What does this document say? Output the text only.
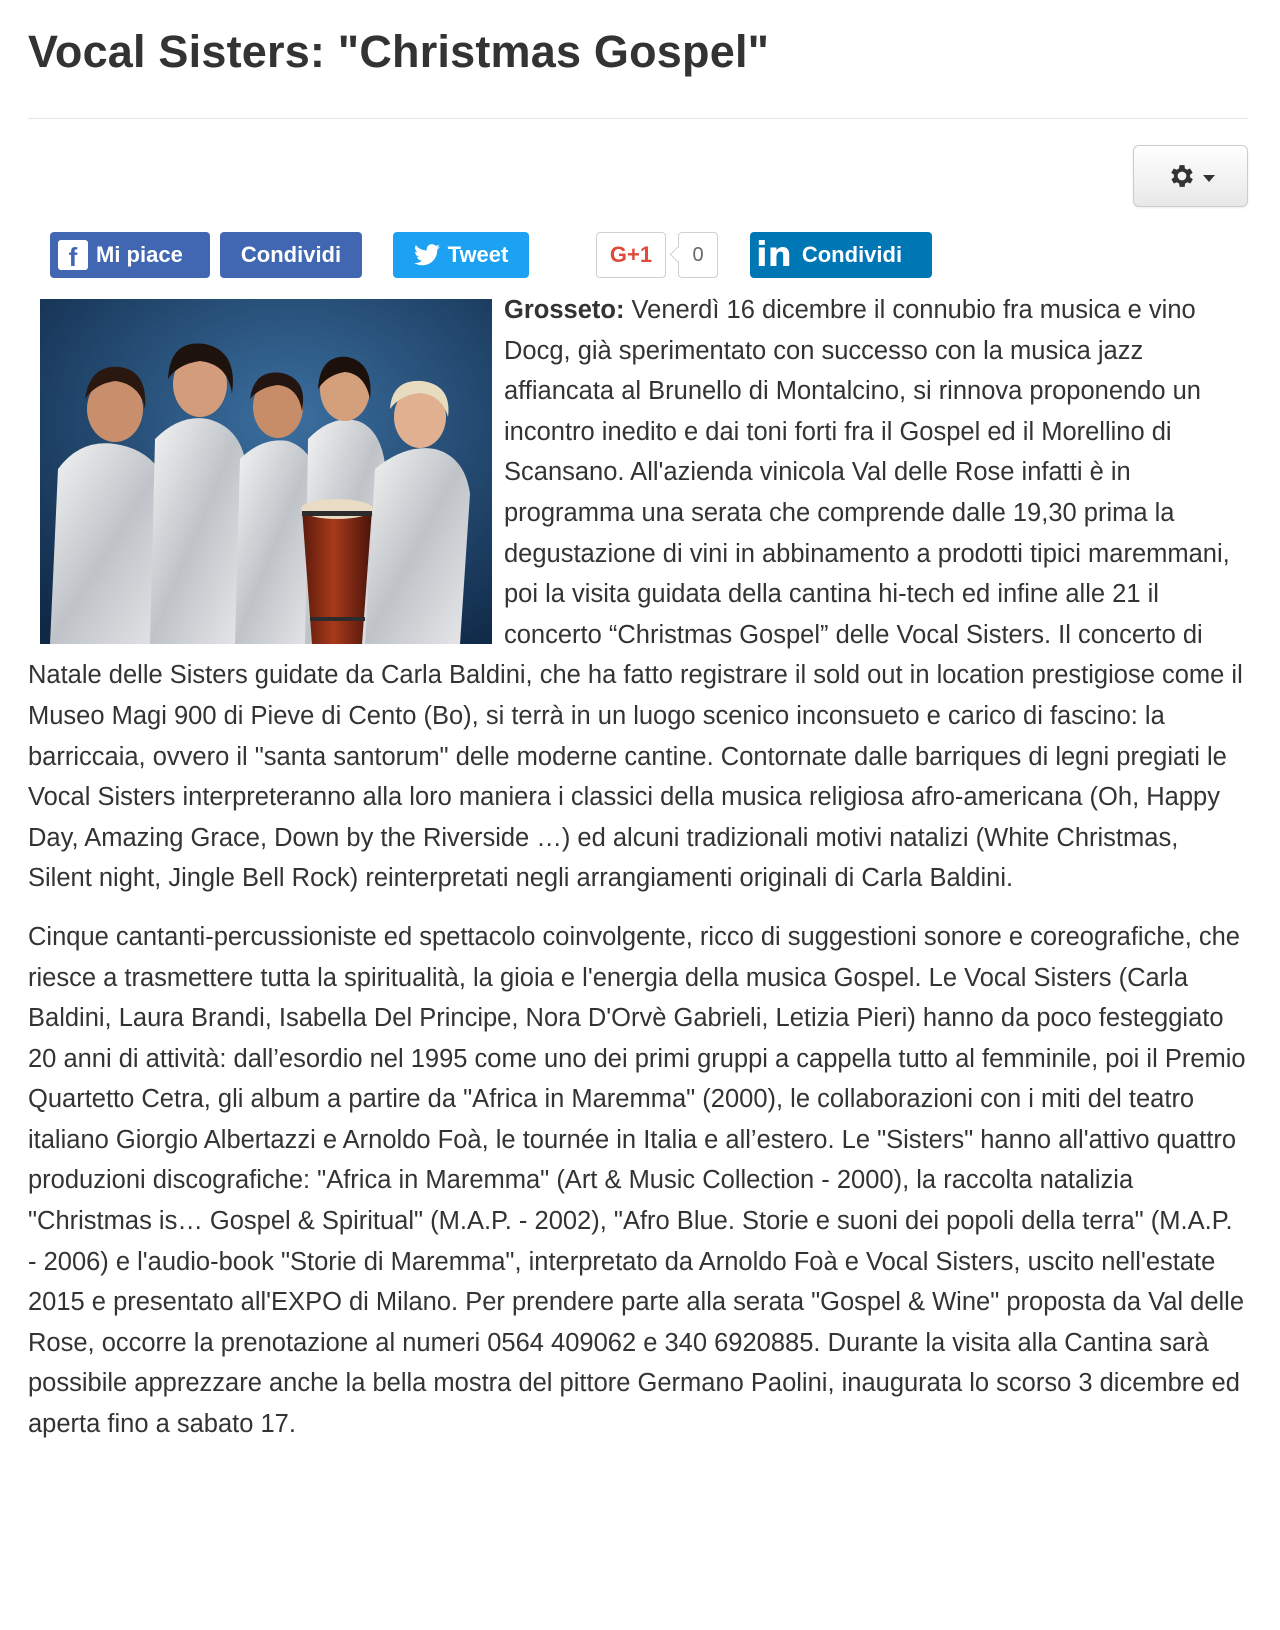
Vocal Sisters: "Christmas Gospel"
f Mi piace	Condividi	Tweet	G+1 0 in Condividi

Grosseto: Venerdì 16 dicembre il connubio fra musica e vino Docg, già sperimentato con successo con la musica jazz affiancata al Brunello di Montalcino, si rinnova proponendo un incontro inedito e dai toni forti fra il Gospel ed il Morellino di Scansano. All'azienda vinicola Val delle Rose infatti è in programma una serata che comprende dalle 19,30 prima la degustazione di vini in abbinamento a prodotti tipici maremmani, poi la visita guidata della cantina hi-tech ed infine alle 21 il concerto “Christmas Gospel” delle Vocal Sisters. Il concerto di Natale delle Sisters guidate da Carla Baldini, che ha fatto registrare il sold out in location prestigiose come il Museo Magi 900 di Pieve di Cento (Bo), si terrà in un luogo scenico inconsueto e carico di fascino: la barriccaia, ovvero il "santa santorum" delle moderne cantine. Contornate dalle barriques di legni pregiati le Vocal Sisters interpreteranno alla loro maniera i classici della musica religiosa afro-americana (Oh, Happy Day, Amazing Grace, Down by the Riverside …) ed alcuni tradizionali motivi natalizi (White Christmas, Silent night, Jingle Bell Rock) reinterpretati negli arrangiamenti originali di Carla Baldini.

Cinque cantanti-percussioniste ed spettacolo coinvolgente, ricco di suggestioni sonore e coreografiche, che riesce a trasmettere tutta la spiritualità, la gioia e l'energia della musica Gospel. Le Vocal Sisters (Carla Baldini, Laura Brandi, Isabella Del Principe, Nora D'Orvè Gabrieli, Letizia Pieri) hanno da poco festeggiato 20 anni di attività: dall’esordio nel 1995 come uno dei primi gruppi a cappella tutto al femminile, poi il Premio Quartetto Cetra, gli album a partire da "Africa in Maremma" (2000), le collaborazioni con i miti del teatro italiano Giorgio Albertazzi e Arnoldo Foà, le tournée in Italia e all’estero. Le "Sisters" hanno all'attivo quattro produzioni discografiche: "Africa in Maremma" (Art & Music Collection - 2000), la raccolta natalizia "Christmas is… Gospel & Spiritual" (M.A.P. - 2002), "Afro Blue. Storie e suoni dei popoli della terra" (M.A.P. - 2006) e l'audio-book "Storie di Maremma", interpretato da Arnoldo Foà e Vocal Sisters, uscito nell'estate 2015 e presentato all'EXPO di Milano. Per prendere parte alla serata "Gospel & Wine" proposta da Val delle Rose, occorre la prenotazione al numeri 0564 409062 e 340 6920885. Durante la visita alla Cantina sarà possibile apprezzare anche la bella mostra del pittore Germano Paolini, inaugurata lo scorso 3 dicembre ed aperta fino a sabato 17.
